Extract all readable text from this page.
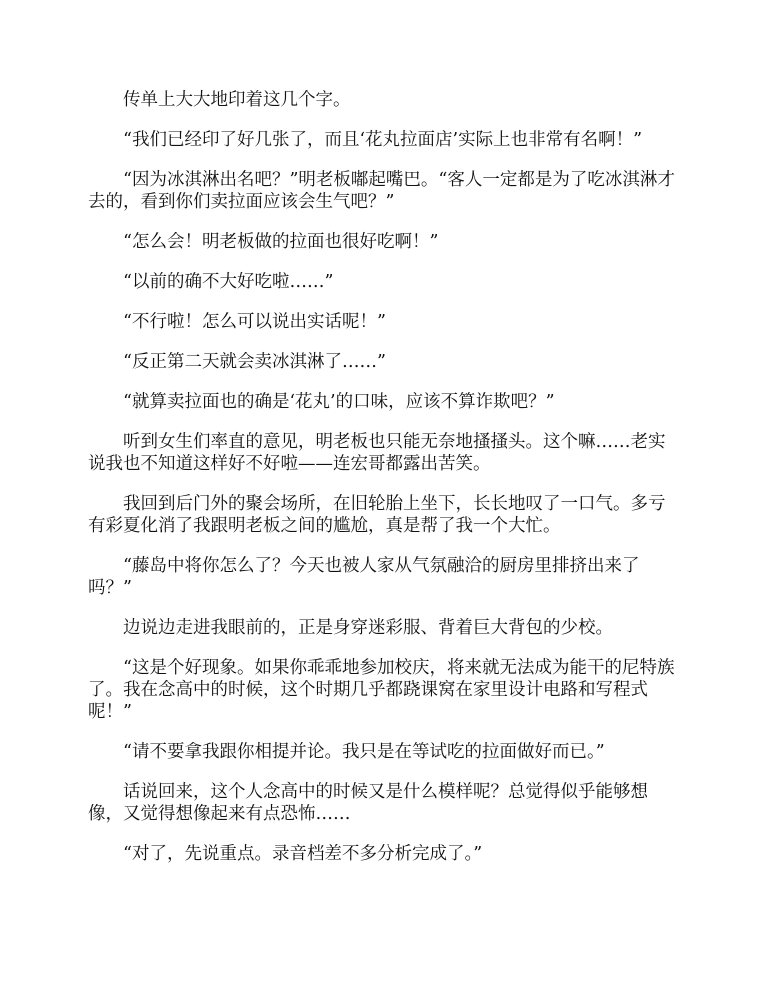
传单上大大地印着这几个字。

“我们已经印了好几张了，而且‘花丸拉面店’实际上也非常有名啊！”

“因为冰淇淋出名吧？”明老板嘟起嘴巴。“客人一定都是为了吃冰淇淋才去的，看到你们卖拉面应该会生气吧？”

“怎么会！明老板做的拉面也很好吃啊！”

“以前的确不大好吃啦……”

“不行啦！怎么可以说出实话呢！”

“反正第二天就会卖冰淇淋了……”

“就算卖拉面也的确是‘花丸’的口味，应该不算诈欺吧？”

听到女生们率直的意见，明老板也只能无奈地搔搔头。这个嘛……老实说我也不知道这样好不好啦——连宏哥都露出苦笑。

我回到后门外的聚会场所，在旧轮胎上坐下，长长地叹了一口气。多亏有彩夏化消了我跟明老板之间的尴尬，真是帮了我一个大忙。

“藤岛中将你怎么了？今天也被人家从气氛融洽的厨房里排挤出来了吗？”

边说边走进我眼前的，正是身穿迷彩服、背着巨大背包的少校。

“这是个好现象。如果你乖乖地参加校庆，将来就无法成为能干的尼特族了。我在念高中的时候，这个时期几乎都跷课窝在家里设计电路和写程式呢！”

“请不要拿我跟你相提并论。我只是在等试吃的拉面做好而已。”

话说回来，这个人念高中的时候又是什么模样呢？总觉得似乎能够想像，又觉得想像起来有点恐怖……

“对了，先说重点。录音档差不多分析完成了。”
